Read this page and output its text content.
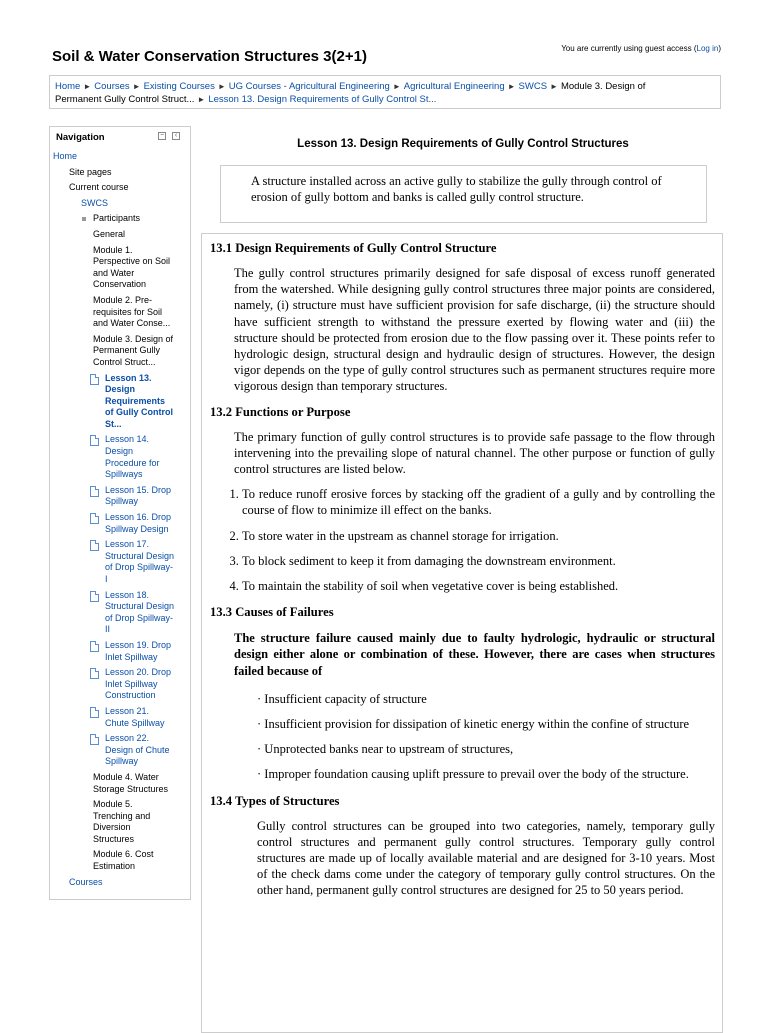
Soil & Water Conservation Structures 3(2+1)	You are currently using guest access (Log in)
Home ► Courses ► Existing Courses ► UG Courses - Agricultural Engineering ► Agricultural Engineering ► SWCS ► Module 3. Design of
Permanent Gully Control Struct... ► Lesson 13. Design Requirements of Gully Control St...
Navigation	−	‹
Home
Site pages
Current course
SWCS
Participants
General
Module 1.
Perspective on Soil
and Water
Conservation
Module 2. Pre-
requisites for Soil
and Water Conse...
Module 3. Design of
Permanent Gully
Control Struct...
Lesson 13.
Design
Requirements
of Gully Control
St...
Lesson 14.
Design
Procedure for
Spillways
Lesson 15. Drop
Spillway
Lesson 16. Drop
Spillway Design
Lesson 17.
Structural Design
of Drop Spillway-
I
Lesson 18.
Structural Design
of Drop Spillway-
II
Lesson 19. Drop
Inlet Spillway
Lesson 20. Drop
Inlet Spillway
Construction
Lesson 21.
Chute Spillway
Lesson 22.
Design of Chute
Spillway
Module 4. Water
Storage Structures
Module 5.
Trenching and
Diversion
Structures
Module 6. Cost
Estimation
Courses
Lesson 13. Design Requirements of Gully Control Structures
A structure installed across an active gully to stabilize the gully through control of erosion of gully bottom and banks is called gully control structure.
13.1 Design Requirements of Gully Control Structure

The gully control structures primarily designed for safe disposal of excess runoff generated from the watershed. While designing gully control structures three major points are considered, namely, (i) structure must have sufficient provision for safe discharge, (ii) the structure should have sufficient strength to withstand the pressure exerted by flowing water and (iii) the structure should be protected from erosion due to the flow passing over it. These points refer to hydrologic design, structural design and hydraulic design of structures. However, the design vigor depends on the type of gully control structures such as permanent structures require more vigorous design than temporary structures.

13.2 Functions or Purpose

The primary function of gully control structures is to provide safe passage to the flow through intervening into the prevailing slope of natural channel. The other purpose or function of gully control structures are listed below.

1. To reduce runoff erosive forces by stacking off the gradient of a gully and by controlling the course of flow to minimize ill effect on the banks.
2. To store water in the upstream as channel storage for irrigation.
3. To block sediment to keep it from damaging the downstream environment.
4. To maintain the stability of soil when vegetative cover is being established.
13.3 Causes of Failures

The structure failure caused mainly due to faulty hydrologic, hydraulic or structural design either alone or combination of these. However, there are cases when structures failed because of

· Insufficient capacity of structure

· Insufficient provision for dissipation of kinetic energy within the confine of structure

· Unprotected banks near to upstream of structures,

· Improper foundation causing uplift pressure to prevail over the body of the structure.

13.4 Types of Structures

Gully control structures can be grouped into two categories, namely, temporary gully control structures and permanent gully control structures. Temporary gully control structures are made up of locally available material and are designed for 3-10 years. Most of the check dams come under the category of temporary gully control structures. On the other hand, permanent gully control structures are designed for 25 to 50 years period.
